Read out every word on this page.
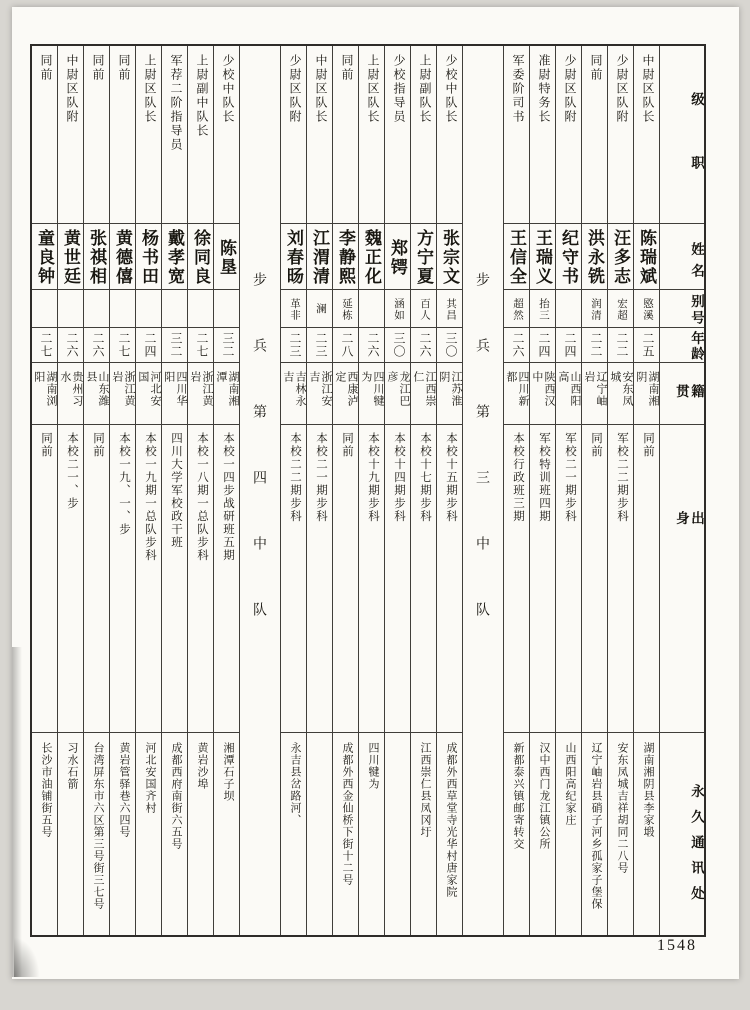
级职
姓名
别号
年龄
籍贯
出身
永久通讯处
中尉区队长
陈瑞斌
愍溪
二五
湖南湘阴
同前
湖南湘阴县李家塅
少尉区队附
汪多志
宏超
二二
安东凤城
军校二二期步科
安东凤城吉祥胡同二八号
同前
洪永铣
润清
二二
辽宁岫岩
同前
辽宁岫岩县硝子河乡孤家子堡保
少尉区队附
纪守书
二四
山西阳高
军校二一期步科
山西阳高纪家庄
准尉特务长
王瑞义
抬三
二四
陕西汉中
军校特训班四期
汉中西门龙江镇公所
军委阶司书
王信全
超然
二六
四川新都
本校行政班三期
新都泰兴镇邮寄转交
步兵第三中队
少校中队长
张宗文
其昌
三〇
江苏淮阴
本校十五期步科
成都外西草堂寺光华村唐家院
上尉副队长
方宁夏
百人
二六
江西崇仁
本校十七期步科
江西崇仁县凤冈圩
少校指导员
郑锷
涵如
三〇
龙江巴彦
本校十四期步科
上尉区队长
魏正化
二六
四川犍为
本校十九期步科
四川犍为
同前
李静熙
延栋
二八
西康泸定
同前
成都外西金仙桥下街十二号
中尉区队长
江渭清
澜
二三
浙江安吉
本校二一期步科
少尉区队附
刘春旸
革非
二三
吉林永吉
本校二二期步科
永吉县岔路河、
步兵第四中队
少校中队长
陈垦
三二
湖南湘潭
本校一四步战研班五期
湘潭石子坝
上尉副中队长
徐同良
二七
浙江黄岩
本校一八期一总队步科
黄岩沙埠
军荐二阶指导员
戴孝宽
三二
四川华阳
四川大学军校政干班
成都西府南街六五号
上尉区队长
杨书田
二四
河北安国
本校一九期一总队步科
河北安国齐村
同前
黄德僖
二七
浙江黄岩
本校一九、一、步
黄岩管驿巷六四号
同前
张祺相
二六
山东潍县
同前
台湾屏东市六区第三号街三七号
中尉区队附
黄世廷
二六
贵州习水
本校二一、步
习水石箭
同前
童良钟
二七
湖南浏阳
同前
长沙市油铺街五号
1548
